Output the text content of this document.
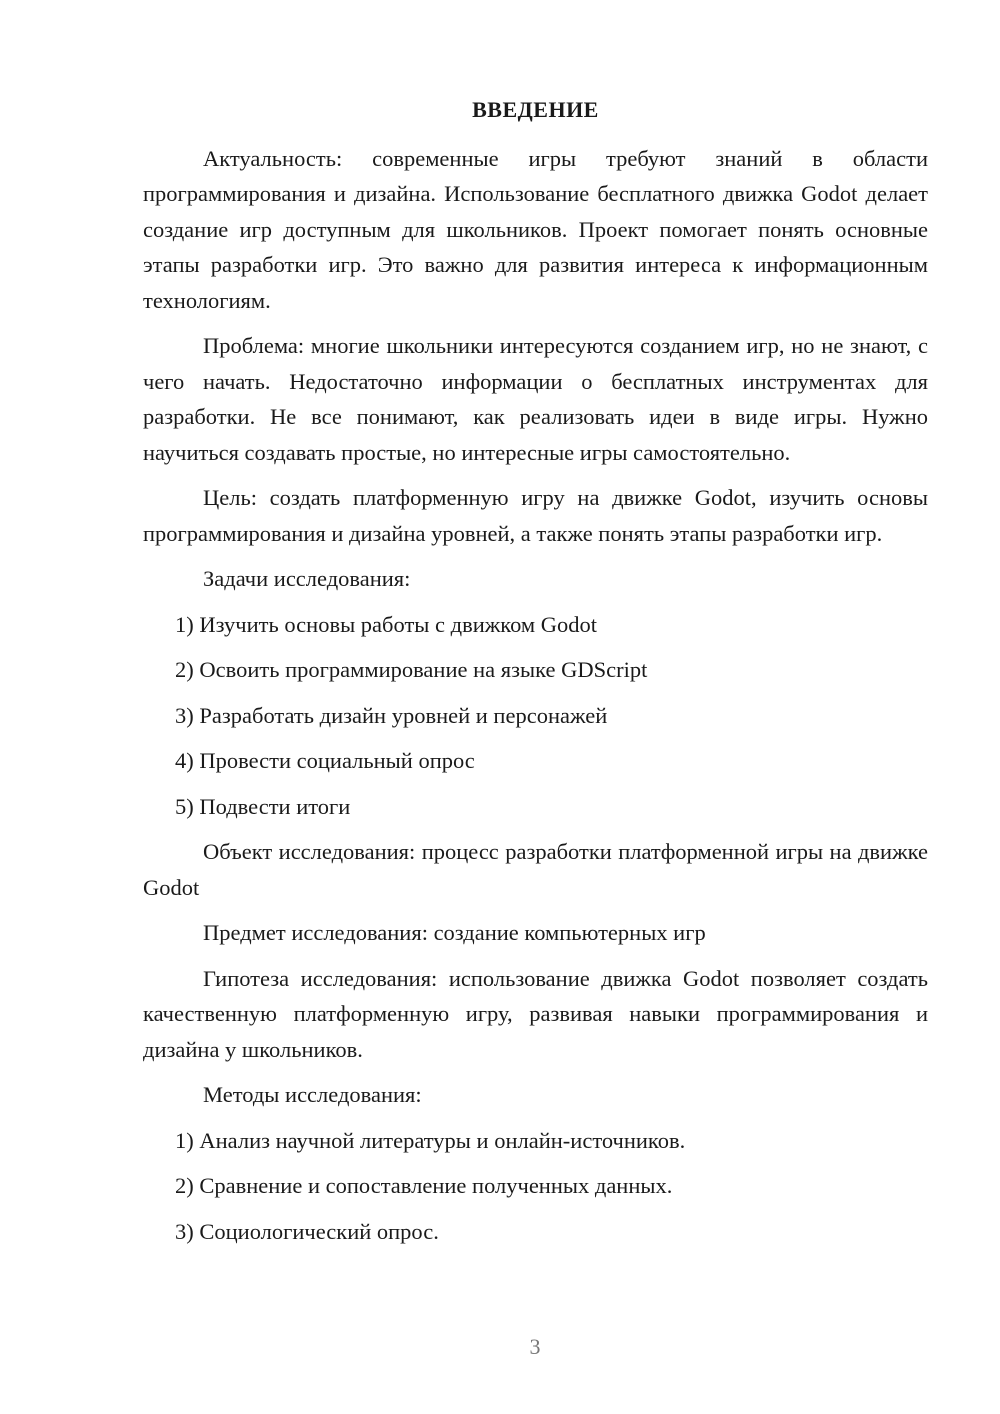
ВВЕДЕНИЕ

Актуальность: современные игры требуют знаний в области программирования и дизайна. Использование бесплатного движка Godot делает создание игр доступным для школьников. Проект помогает понять основные этапы разработки игр. Это важно для развития интереса к информационным технологиям.

Проблема: многие школьники интересуются созданием игр, но не знают, с чего начать. Недостаточно информации о бесплатных инструментах для разработки. Не все понимают, как реализовать идеи в виде игры. Нужно научиться создавать простые, но интересные игры самостоятельно.

Цель: создать платформенную игру на движке Godot, изучить основы программирования и дизайна уровней, а также понять этапы разработки игр.

Задачи исследования:

1) Изучить основы работы с движком Godot

2) Освоить программирование на языке GDScript

3) Разработать дизайн уровней и персонажей

4) Провести социальный опрос

5) Подвести итоги

Объект исследования: процесс разработки платформенной игры на движке Godot

Предмет исследования: создание компьютерных игр

Гипотеза исследования: использование движка Godot позволяет создать качественную платформенную игру, развивая навыки программирования и дизайна у школьников.

Методы исследования:

1) Анализ научной литературы и онлайн-источников.

2) Сравнение и сопоставление полученных данных.

3) Социологический опрос.

3
